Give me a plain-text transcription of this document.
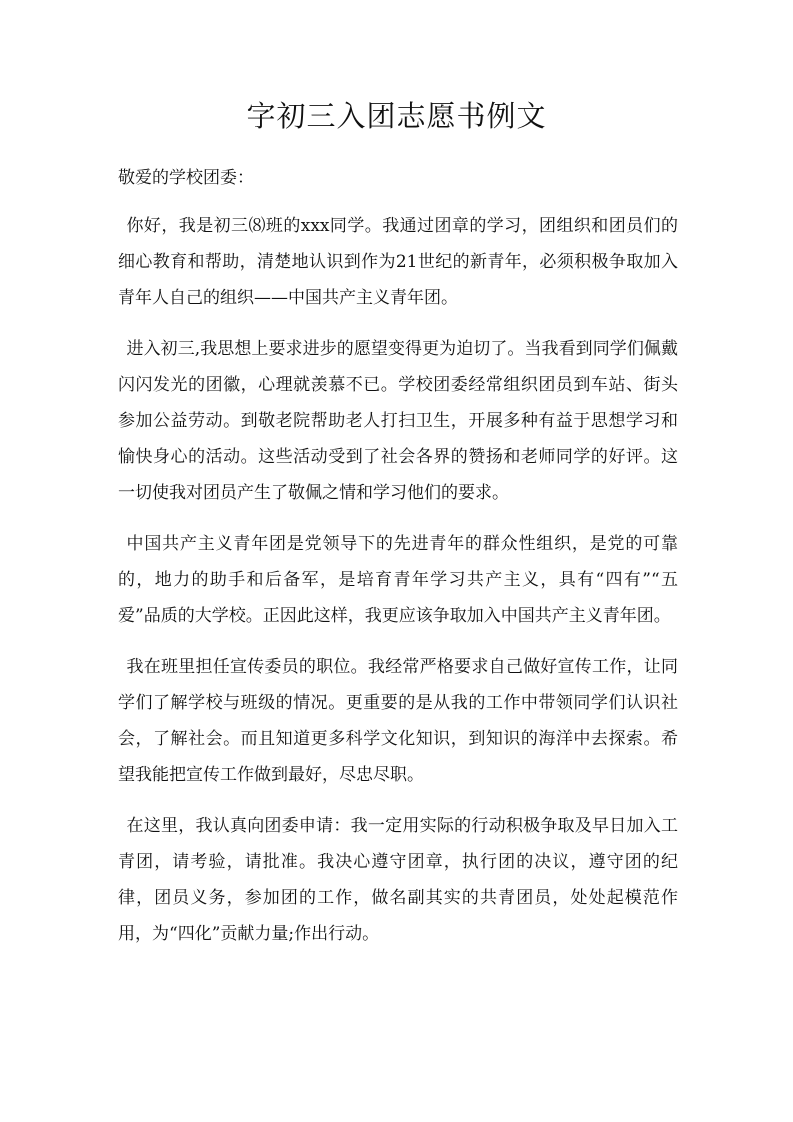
字初三入团志愿书例文

敬爱的学校团委：

你好，我是初三⑻班的xxx同学。我通过团章的学习，团组织和团员们的细心教育和帮助，清楚地认识到作为21世纪的新青年，必须积极争取加入青年人自己的组织——中国共产主义青年团。

进入初三,我思想上要求进步的愿望变得更为迫切了。当我看到同学们佩戴闪闪发光的团徽，心理就羡慕不已。学校团委经常组织团员到车站、街头参加公益劳动。到敬老院帮助老人打扫卫生，开展多种有益于思想学习和愉快身心的活动。这些活动受到了社会各界的赞扬和老师同学的好评。这一切使我对团员产生了敬佩之情和学习他们的要求。

中国共产主义青年团是党领导下的先进青年的群众性组织，是党的可靠的，地力的助手和后备军，是培育青年学习共产主义，具有“四有”“五爱”品质的大学校。正因此这样，我更应该争取加入中国共产主义青年团。

我在班里担任宣传委员的职位。我经常严格要求自己做好宣传工作，让同学们了解学校与班级的情况。更重要的是从我的工作中带领同学们认识社会，了解社会。而且知道更多科学文化知识，到知识的海洋中去探索。希望我能把宣传工作做到最好，尽忠尽职。

在这里，我认真向团委申请：我一定用实际的行动积极争取及早日加入工青团，请考验，请批准。我决心遵守团章，执行团的决议，遵守团的纪律，团员义务，参加团的工作，做名副其实的共青团员，处处起模范作用，为“四化”贡献力量;作出行动。
